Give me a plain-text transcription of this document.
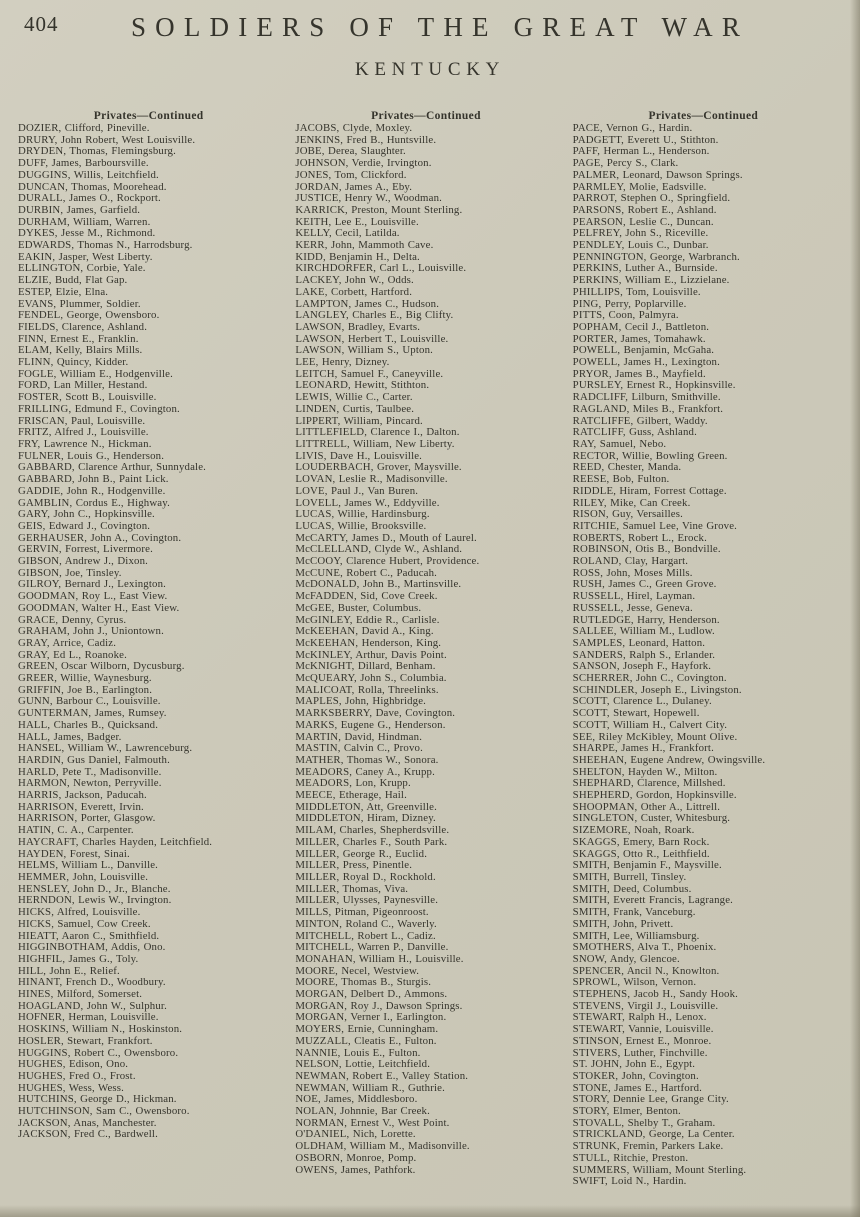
404	SOLDIERS OF THE GREAT WAR
KENTUCKY
Privates—Continued
DOZIER, Clifford, Pineville.
DRURY, John Robert, West Louisville.
DRYDEN, Thomas, Flemingsburg.
DUFF, James, Barboursville.
DUGGINS, Willis, Leitchfield.
DUNCAN, Thomas, Moorehead.
DURALL, James O., Rockport.
DURBIN, James, Garfield.
DURHAM, William, Warren.
DYKES, Jesse M., Richmond.
EDWARDS, Thomas N., Harrodsburg.
EAKIN, Jasper, West Liberty.
ELLINGTON, Corbie, Yale.
ELZIE, Budd, Flat Gap.
ESTEP, Elzie, Elna.
EVANS, Plummer, Soldier.
FENDEL, George, Owensboro.
FIELDS, Clarence, Ashland.
FINN, Ernest E., Franklin.
ELAM, Kelly, Blairs Mills.
FLINN, Quincy, Kidder.
FOGLE, William E., Hodgenville.
FORD, Lan Miller, Hestand.
FOSTER, Scott B., Louisville.
FRILLING, Edmund F., Covington.
FRISCAN, Paul, Louisville.
FRITZ, Alfred J., Louisville.
FRY, Lawrence N., Hickman.
FULNER, Louis G., Henderson.
GABBARD, Clarence Arthur, Sunnydale.
GABBARD, John B., Paint Lick.
GADDIE, John R., Hodgenville.
GAMBLIN, Cordus E., Highway.
GARY, John C., Hopkinsville.
GEIS, Edward J., Covington.
GERHAUSER, John A., Covington.
GERVIN, Forrest, Livermore.
GIBSON, Andrew J., Dixon.
GIBSON, Joe, Tinsley.
GILROY, Bernard J., Lexington.
GOODMAN, Roy L., East View.
GOODMAN, Walter H., East View.
GRACE, Denny, Cyrus.
GRAHAM, John J., Uniontown.
GRAY, Arrice, Cadiz.
GRAY, Ed L., Roanoke.
GREEN, Oscar Wilborn, Dycusburg.
GREER, Willie, Waynesburg.
GRIFFIN, Joe B., Earlington.
GUNN, Barbour C., Louisville.
GUNTERMAN, James, Rumsey.
HALL, Charles B., Quicksand.
HALL, James, Badger.
HANSEL, William W., Lawrenceburg.
HARDIN, Gus Daniel, Falmouth.
HARLD, Pete T., Madisonville.
HARMON, Newton, Perryville.
HARRIS, Jackson, Paducah.
HARRISON, Everett, Irvin.
HARRISON, Porter, Glasgow.
HATIN, C. A., Carpenter.
HAYCRAFT, Charles Hayden, Leitchfield.
HAYDEN, Forest, Sinai.
HELMS, William L., Danville.
HEMMER, John, Louisville.
HENSLEY, John D., Jr., Blanche.
HERNDON, Lewis W., Irvington.
HICKS, Alfred, Louisville.
HICKS, Samuel, Cow Creek.
HIEATT, Aaron C., Smithfield.
HIGGINBOTHAM, Addis, Ono.
HIGHFIL, James G., Toly.
HILL, John E., Relief.
HINANT, French D., Woodbury.
HINES, Milford, Somerset.
HOAGLAND, John W., Sulphur.
HOFNER, Herman, Louisville.
HOSKINS, William N., Hoskinston.
HOSLER, Stewart, Frankfort.
HUGGINS, Robert C., Owensboro.
HUGHES, Edison, Ono.
HUGHES, Fred O., Frost.
HUGHES, Wess, Wess.
HUTCHINS, George D., Hickman.
HUTCHINSON, Sam C., Owensboro.
JACKSON, Anas, Manchester.
JACKSON, Fred C., Bardwell.
Privates—Continued
JACOBS, Clyde, Moxley.
JENKINS, Fred B., Huntsville.
JOBE, Derea, Slaughter.
JOHNSON, Verdie, Irvington.
JONES, Tom, Clickford.
JORDAN, James A., Eby.
JUSTICE, Henry W., Woodman.
KARRICK, Preston, Mount Sterling.
KEITH, Lee E., Louisville.
KELLY, Cecil, Latilda.
KERR, John, Mammoth Cave.
KIDD, Benjamin H., Delta.
KIRCHDORFER, Carl L., Louisville.
LACKEY, John W., Odds.
LAKE, Corbett, Hartford.
LAMPTON, James C., Hudson.
LANGLEY, Charles E., Big Clifty.
LAWSON, Bradley, Evarts.
LAWSON, Herbert T., Louisville.
LAWSON, William S., Upton.
LEE, Henry, Dizney.
LEITCH, Samuel F., Caneyville.
LEONARD, Hewitt, Stithton.
LEWIS, Willie C., Carter.
LINDEN, Curtis, Taulbee.
LIPPERT, William, Pincard.
LITTLEFIELD, Clarence I., Dalton.
LITTRELL, William, New Liberty.
LIVIS, Dave H., Louisville.
LOUDERBACH, Grover, Maysville.
LOVAN, Leslie R., Madisonville.
LOVE, Paul J., Van Buren.
LOVELL, James W., Eddyville.
LUCAS, Willie, Hardinsburg.
LUCAS, Willie, Brooksville.
McCARTY, James D., Mouth of Laurel.
McCLELLAND, Clyde W., Ashland.
McCOOY, Clarence Hubert, Providence.
McCUNE, Robert C., Paducah.
McDONALD, John B., Martinsville.
McFADDEN, Sid, Cove Creek.
McGEE, Buster, Columbus.
McGINLEY, Eddie R., Carlisle.
McKEEHAN, David A., King.
McKEEHAN, Henderson, King.
McKINLEY, Arthur, Davis Point.
McKNIGHT, Dillard, Benham.
McQUEARY, John S., Columbia.
MALICOAT, Rolla, Threelinks.
MAPLES, John, Highbridge.
MARKSBERRY, Dave, Covington.
MARKS, Eugene G., Henderson.
MARTIN, David, Hindman.
MASTIN, Calvin C., Provo.
MATHER, Thomas W., Sonora.
MEADORS, Caney A., Krupp.
MEADORS, Lon, Krupp.
MEECE, Etherage, Hail.
MIDDLETON, Att, Greenville.
MIDDLETON, Hiram, Dizney.
MILAM, Charles, Shepherdsville.
MILLER, Charles F., South Park.
MILLER, George R., Euclid.
MILLER, Press, Pinentle.
MILLER, Royal D., Rockhold.
MILLER, Thomas, Viva.
MILLER, Ulysses, Paynesville.
MILLS, Pitman, Pigeonroost.
MINTON, Roland C., Waverly.
MITCHELL, Robert L., Cadiz.
MITCHELL, Warren P., Danville.
MONAHAN, William H., Louisville.
MOORE, Necel, Westview.
MOORE, Thomas B., Sturgis.
MORGAN, Delbert D., Ammons.
MORGAN, Roy J., Dawson Springs.
MORGAN, Verner I., Earlington.
MOYERS, Ernie, Cunningham.
MUZZALL, Cleatis E., Fulton.
NANNIE, Louis E., Fulton.
NELSON, Lottie, Leitchfield.
NEWMAN, Robert E., Valley Station.
NEWMAN, William R., Guthrie.
NOE, James, Middlesboro.
NOLAN, Johnnie, Bar Creek.
NORMAN, Ernest V., West Point.
O'DANIEL, Nich, Lorette.
OLDHAM, William M., Madisonville.
OSBORN, Monroe, Pomp.
OWENS, James, Pathfork.
Privates—Continued
PACE, Vernon G., Hardin.
PADGETT, Everett U., Stithton.
PAFF, Herman L., Henderson.
PAGE, Percy S., Clark.
PALMER, Leonard, Dawson Springs.
PARMLEY, Molie, Eadsville.
PARROT, Stephen O., Springfield.
PARSONS, Robert E., Ashland.
PEARSON, Leslie C., Duncan.
PELFREY, John S., Riceville.
PENDLEY, Louis C., Dunbar.
PENNINGTON, George, Warbranch.
PERKINS, Luther A., Burnside.
PERKINS, William E., Lizzielane.
PHILLIPS, Tom, Louisville.
PING, Perry, Poplarville.
PITTS, Coon, Palmyra.
POPHAM, Cecil J., Battleton.
PORTER, James, Tomahawk.
POWELL, Benjamin, McGaha.
POWELL, James H., Lexington.
PRYOR, James B., Mayfield.
PURSLEY, Ernest R., Hopkinsville.
RADCLIFF, Lilburn, Smithville.
RAGLAND, Miles B., Frankfort.
RATCLIFFE, Gilbert, Waddy.
RATCLIFF, Guss, Ashland.
RAY, Samuel, Nebo.
RECTOR, Willie, Bowling Green.
REED, Chester, Manda.
REESE, Bob, Fulton.
RIDDLE, Hiram, Forrest Cottage.
RILEY, Mike, Can Creek.
RISON, Guy, Versailles.
RITCHIE, Samuel Lee, Vine Grove.
ROBERTS, Robert L., Erock.
ROBINSON, Otis B., Bondville.
ROLAND, Clay, Hargart.
ROSS, John, Moses Mills.
RUSH, James C., Green Grove.
RUSSELL, Hirel, Layman.
RUSSELL, Jesse, Geneva.
RUTLEDGE, Harry, Henderson.
SALLEE, William M., Ludlow.
SAMPLES, Leonard, Hatton.
SANDERS, Ralph S., Erlander.
SANSON, Joseph F., Hayfork.
SCHERRER, John C., Covington.
SCHINDLER, Joseph E., Livingston.
SCOTT, Clarence L., Dulaney.
SCOTT, Stewart, Hopewell.
SCOTT, William H., Calvert City.
SEE, Riley McKibley, Mount Olive.
SHARPE, James H., Frankfort.
SHEEHAN, Eugene Andrew, Owingsville.
SHELTON, Hayden W., Milton.
SHEPHARD, Clarence, Millshed.
SHEPHERD, Gordon, Hopkinsville.
SHOOPMAN, Other A., Littrell.
SINGLETON, Custer, Whitesburg.
SIZEMORE, Noah, Roark.
SKAGGS, Emery, Barn Rock.
SKAGGS, Otto R., Leithfield.
SMITH, Benjamin F., Maysville.
SMITH, Burrell, Tinsley.
SMITH, Deed, Columbus.
SMITH, Everett Francis, Lagrange.
SMITH, Frank, Vanceburg.
SMITH, John, Privett.
SMITH, Lee, Williamsburg.
SMOTHERS, Alva T., Phoenix.
SNOW, Andy, Glencoe.
SPENCER, Ancil N., Knowlton.
SPROWL, Wilson, Vernon.
STEPHENS, Jacob H., Sandy Hook.
STEVENS, Virgil J., Louisville.
STEWART, Ralph H., Lenox.
STEWART, Vannie, Louisville.
STINSON, Ernest E., Monroe.
STIVERS, Luther, Finchville.
ST. JOHN, John E., Egypt.
STOKER, John, Covington.
STONE, James E., Hartford.
STORY, Dennie Lee, Grange City.
STORY, Elmer, Benton.
STOVALL, Shelby T., Graham.
STRICKLAND, George, La Center.
STRUNK, Fremin, Parkers Lake.
STULL, Ritchie, Preston.
SUMMERS, William, Mount Sterling.
SWIFT, Loid N., Hardin.
